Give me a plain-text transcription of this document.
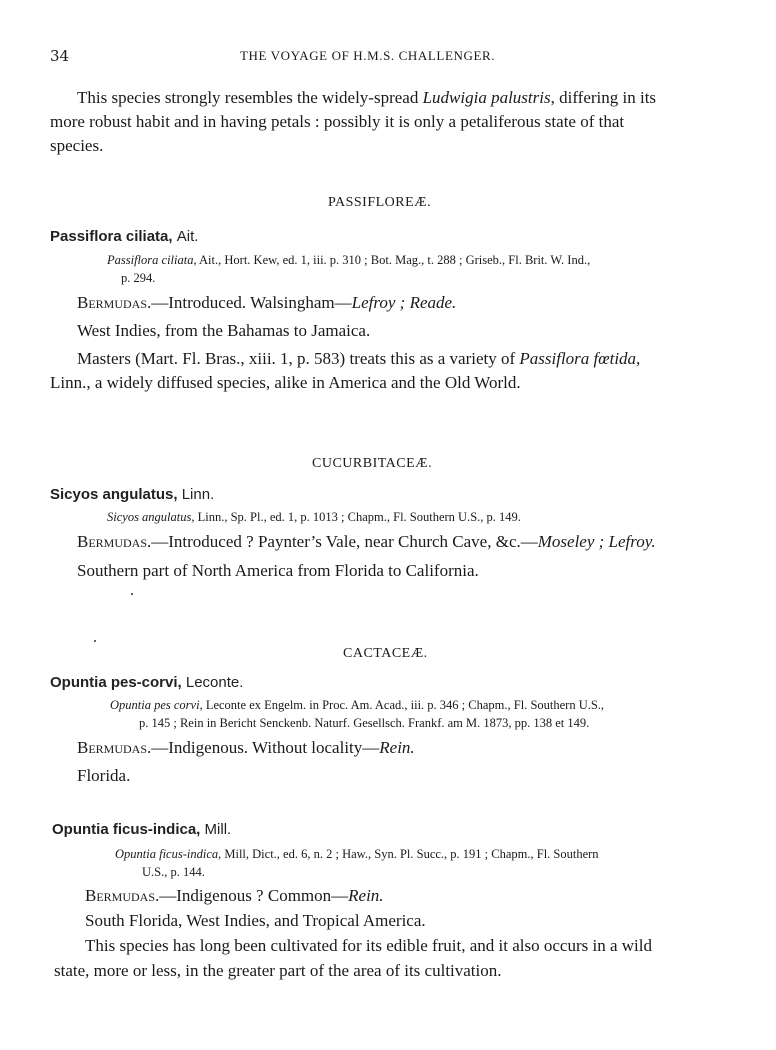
34	THE VOYAGE OF H.M.S. CHALLENGER.
This species strongly resembles the widely-spread Ludwigia palustris, differing in its
more robust habit and in having petals : possibly it is only a petaliferous state of that
species.
PASSIFLOREÆ.
Passiflora ciliata, Ait.
Passiflora ciliata, Ait., Hort. Kew, ed. 1, iii. p. 310 ; Bot. Mag., t. 288 ; Griseb., Fl. Brit. W. Ind.,
p. 294.
Bermudas.—Introduced. Walsingham—Lefroy ; Reade.
West Indies, from the Bahamas to Jamaica.
Masters (Mart. Fl. Bras., xiii. 1, p. 583) treats this as a variety of Passiflora fœtida,
Linn., a widely diffused species, alike in America and the Old World.
CUCURBITACEÆ.
Sicyos angulatus, Linn.
Sicyos angulatus, Linn., Sp. Pl., ed. 1, p. 1013 ; Chapm., Fl. Southern U.S., p. 149.
Bermudas.—Introduced ? Paynter’s Vale, near Church Cave, &c.—Moseley ; Lefroy.
Southern part of North America from Florida to California.
CACTACEÆ.
Opuntia pes-corvi, Leconte.
Opuntia pes corvi, Leconte ex Engelm. in Proc. Am. Acad., iii. p. 346 ; Chapm., Fl. Southern U.S.,
p. 145 ; Rein in Bericht Senckenb. Naturf. Gesellsch. Frankf. am M. 1873, pp. 138 et 149.
Bermudas.—Indigenous. Without locality—Rein.
Florida.
Opuntia ficus-indica, Mill.
Opuntia ficus-indica, Mill, Dict., ed. 6, n. 2 ; Haw., Syn. Pl. Succ., p. 191 ; Chapm., Fl. Southern
U.S., p. 144.
Bermudas.—Indigenous ? Common—Rein.
South Florida, West Indies, and Tropical America.
This species has long been cultivated for its edible fruit, and it also occurs in a wild
state, more or less, in the greater part of the area of its cultivation.
